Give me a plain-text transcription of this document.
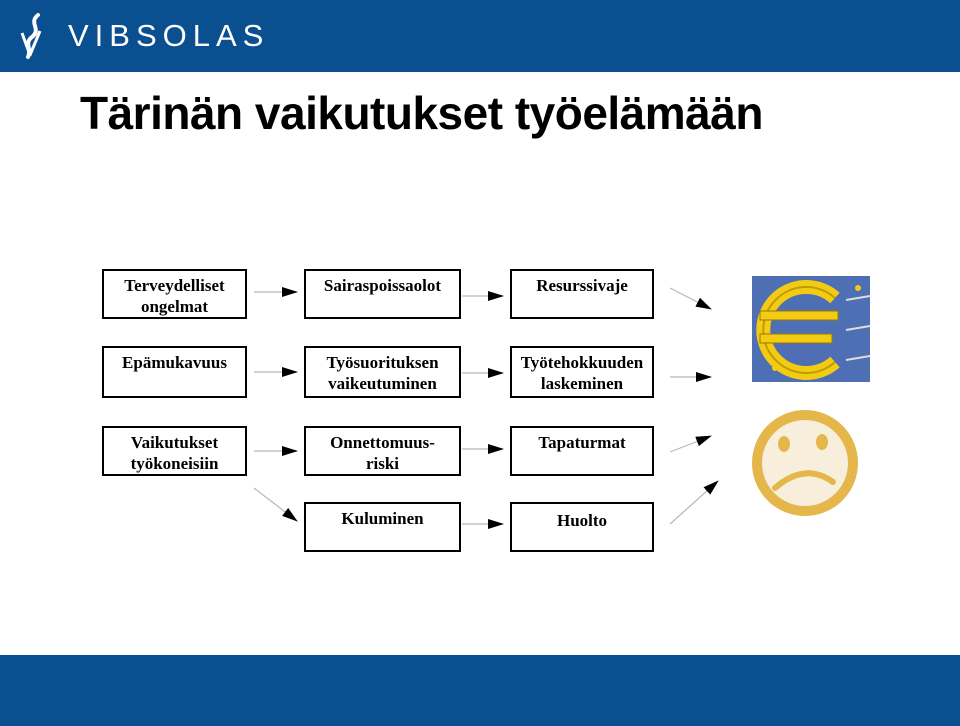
VIBSOLAS
Tärinän vaikutukset työelämään
Terveydelliset
ongelmat
Epämukavuus
Vaikutukset
työkoneisiin
Sairaspoissaolot
Työsuorituksen
vaikeutuminen
Onnettomuus-
riski
Kuluminen
Resurssivaje
Työtehokkuuden
laskeminen
Tapaturmat
Huolto
